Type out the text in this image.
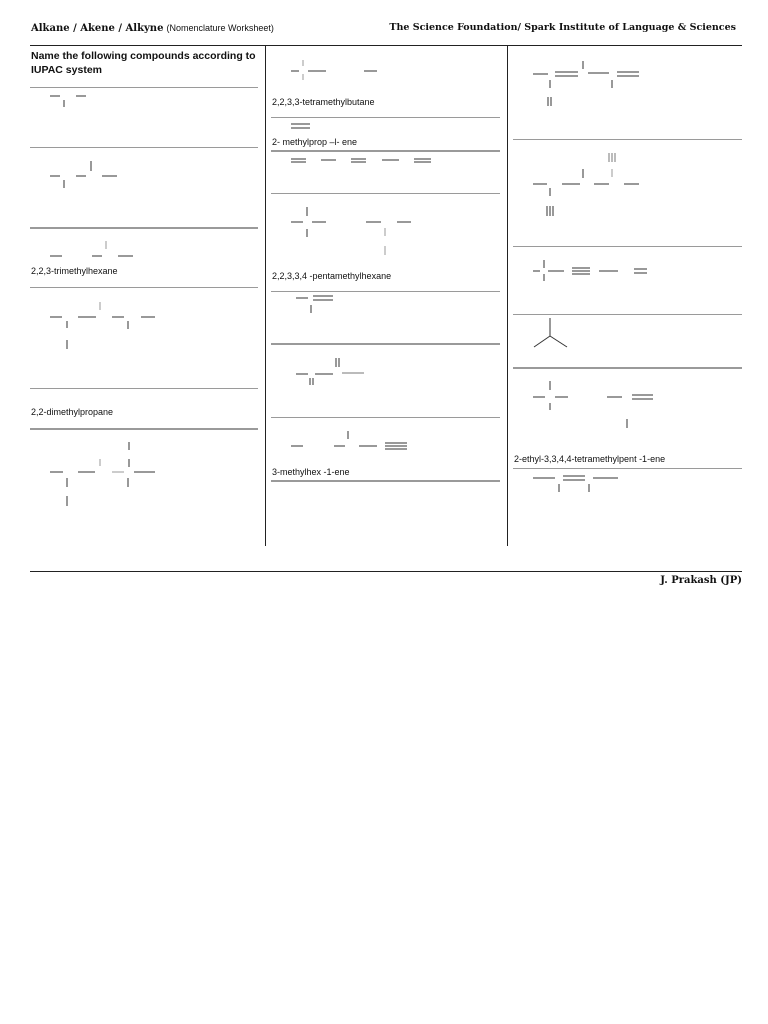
Alkane / Akene / Alkyne (Nomenclature Worksheet)	The Science Foundation/ Spark Institute of Language & Sciences
Name the following compounds according to IUPAC system
2,2,3-trimethylhexane
2,2-dimethylpropane
2,2,3,3-tetramethylbutane
2- methylprop –l- ene
2,2,3,3,4 -pentamethylhexane
3-methylhex -1-ene
2-ethyl-3,3,4,4-tetramethylpent -1-ene
J. Prakash (JP)
